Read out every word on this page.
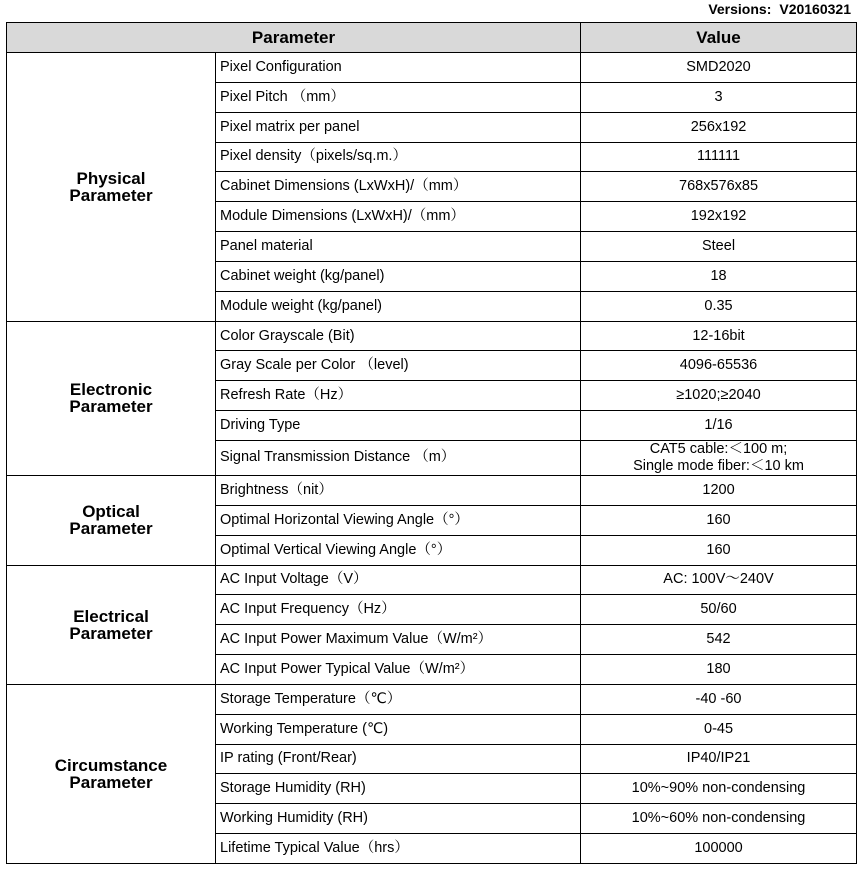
Versions: V20160321
Parameter		Value

Physical
Parameter	Pixel Configuration	SMD2020
	Pixel Pitch （mm）	3
	Pixel matrix per panel	256x192
	Pixel density（pixels/sq.m.）	111111
	Cabinet Dimensions (LxWxH)/（mm）	768x576x85
	Module Dimensions (LxWxH)/（mm）	192x192
	Panel material	Steel
	Cabinet weight (kg/panel)	18
	Module weight (kg/panel)	0.35

Electronic
Parameter	Color Grayscale (Bit)	12-16bit
	Gray Scale per Color （level)	4096-65536
	Refresh Rate（Hz）	≥1020;≥2040
	Driving Type	1/16
	Signal Transmission Distance （m）	CAT5 cable:＜100 m;
Single mode fiber:＜10 km

Optical
Parameter	Brightness（nit）	1200
	Optimal Horizontal Viewing Angle（°）	160
	Optimal Vertical Viewing Angle（°）	160

Electrical
Parameter	AC Input Voltage（V）	AC: 100V～240V
	AC Input Frequency（Hz）	50/60
	AC Input Power Maximum Value（W/m²）	542
	AC Input Power Typical Value（W/m²）	180

Circumstance
Parameter	Storage Temperature（℃）	-40 -60
	Working Temperature (℃)	0-45
	IP rating (Front/Rear)	IP40/IP21
	Storage Humidity (RH)	10%~90% non-condensing
	Working Humidity (RH)	10%~60% non-condensing
	Lifetime Typical Value（hrs）	100000
